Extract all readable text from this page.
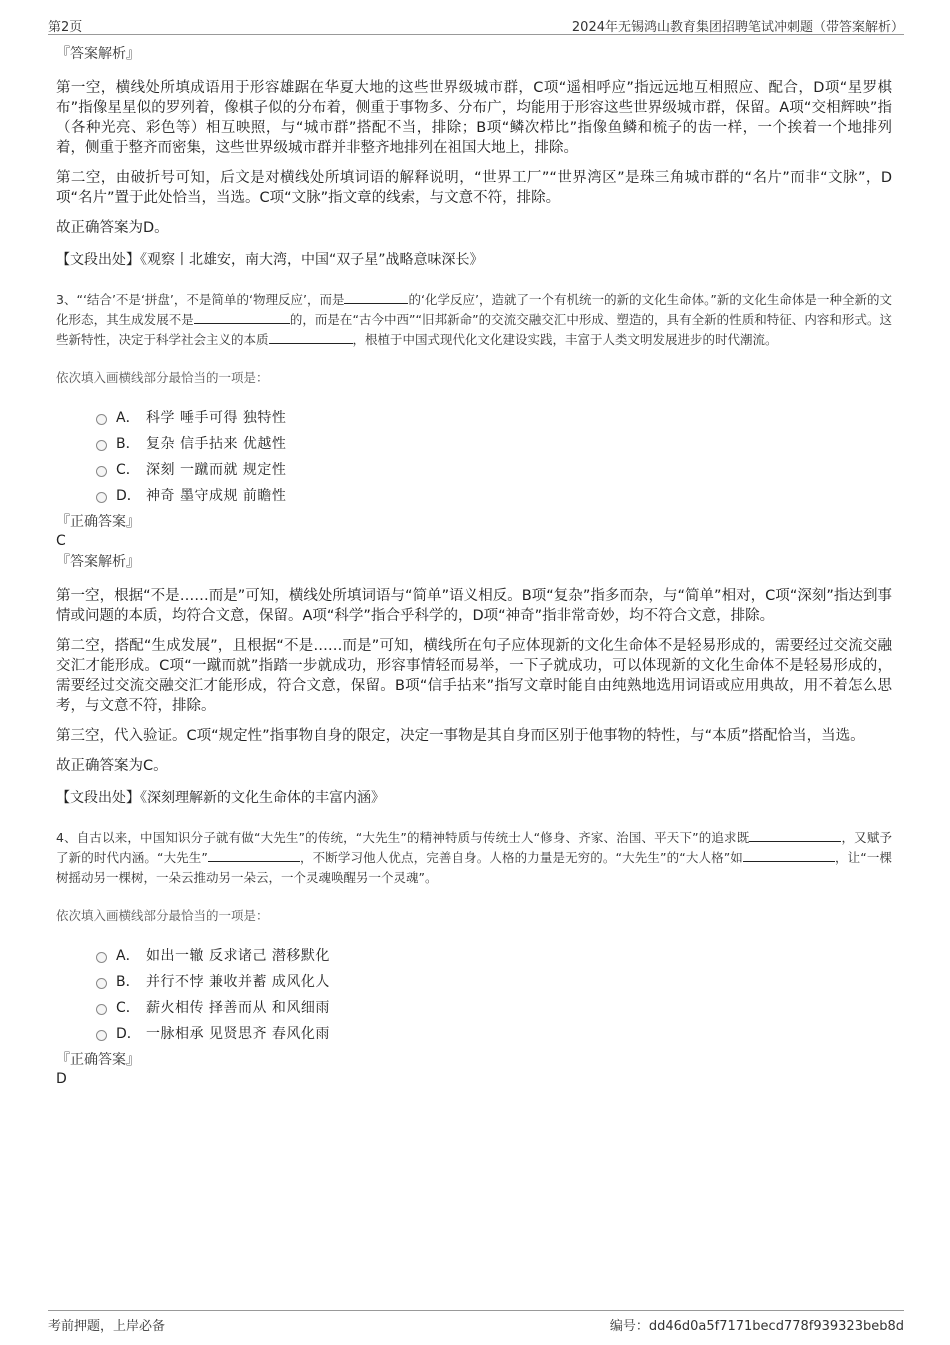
第2页	2024年无锡鸿山教育集团招聘笔试冲刺题（带答案解析）
『答案解析』

第一空，横线处所填成语用于形容雄踞在华夏大地的这些世界级城市群，C项“遥相呼应”指远远地互相照应、配合，D项“星罗棋布”指像星星似的罗列着，像棋子似的分布着，侧重于事物多、分布广，均能用于形容这些世界级城市群，保留。A项“交相辉映”指（各种光亮、彩色等）相互映照，与“城市群”搭配不当，排除；B项“鳞次栉比”指像鱼鳞和梳子的齿一样，一个挨着一个地排列着，侧重于整齐而密集，这些世界级城市群并非整齐地排列在祖国大地上，排除。

第二空，由破折号可知，后文是对横线处所填词语的解释说明，“世界工厂”“世界湾区”是珠三角城市群的“名片”而非“文脉”，D项“名片”置于此处恰当，当选。C项“文脉”指文章的线索，与文意不符，排除。

故正确答案为D。

【文段出处】《观察丨北雄安，南大湾，中国“双子星”战略意味深长》

3、“‘结合’不是‘拼盘’，不是简单的‘物理反应’，而是	的‘化学反应’，造就了一个有机统一的新的文化生命体。”新的文化生命体是一种全新的文化形态，其生成发展不是	的，而是在“古今中西”“旧邦新命”的交流交融交汇中形成、塑造的，具有全新的性质和特征、内容和形式。这些新特性，决定于科学社会主义的本质	，根植于中国式现代化文化建设实践，丰富于人类文明发展进步的时代潮流。

依次填入画横线部分最恰当的一项是：

A． 科学 唾手可得 独特性
B． 复杂 信手拈来 优越性
C． 深刻 一蹴而就 规定性
D． 神奇 墨守成规 前瞻性
『正确答案』
C
『答案解析』

第一空，根据“不是……而是”可知，横线处所填词语与“简单”语义相反。B项“复杂”指多而杂，与“简单”相对，C项“深刻”指达到事情或问题的本质，均符合文意，保留。A项“科学”指合乎科学的，D项“神奇”指非常奇妙，均不符合文意，排除。

第二空，搭配“生成发展”，且根据“不是……而是”可知，横线所在句子应体现新的文化生命体不是轻易形成的，需要经过交流交融交汇才能形成。C项“一蹴而就”指踏一步就成功，形容事情轻而易举，一下子就成功，可以体现新的文化生命体不是轻易形成的，需要经过交流交融交汇才能形成，符合文意，保留。B项“信手拈来”指写文章时能自由纯熟地选用词语或应用典故，用不着怎么思考，与文意不符，排除。

第三空，代入验证。C项“规定性”指事物自身的限定，决定一事物是其自身而区别于他事物的特性，与“本质”搭配恰当，当选。

故正确答案为C。

【文段出处】《深刻理解新的文化生命体的丰富内涵》

4、自古以来，中国知识分子就有做“大先生”的传统，“大先生”的精神特质与传统士人“修身、齐家、治国、平天下”的追求既	，又赋予了新的时代内涵。“大先生”	，不断学习他人优点，完善自身。人格的力量是无穷的。“大先生”的“大人格”如	，让“一棵树摇动另一棵树，一朵云推动另一朵云，一个灵魂唤醒另一个灵魂”。

依次填入画横线部分最恰当的一项是：

A． 如出一辙 反求诸己 潜移默化
B． 并行不悖 兼收并蓄 成风化人
C． 薪火相传 择善而从 和风细雨
D． 一脉相承 见贤思齐 春风化雨
『正确答案』
D
考前押题，上岸必备	编号：dd46d0a5f7171becd778f939323beb8d
